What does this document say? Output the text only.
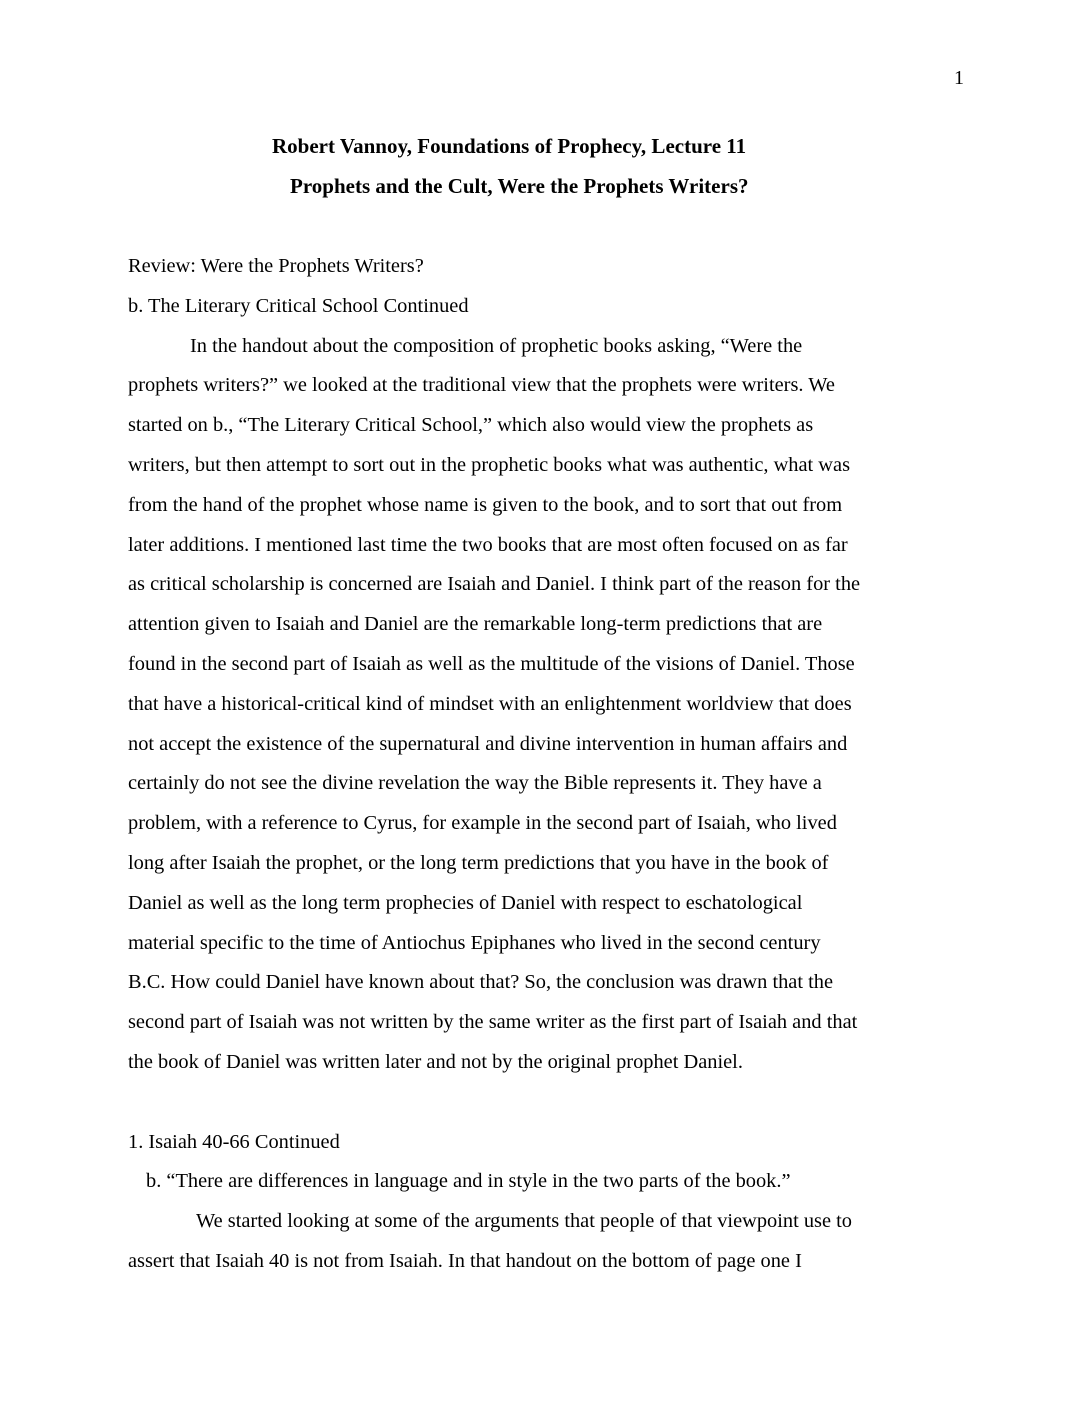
1
Robert Vannoy, Foundations of Prophecy, Lecture 11
Prophets and the Cult, Were the Prophets Writers?
Review: Were the Prophets Writers?
b. The Literary Critical School Continued
In the handout about the composition of prophetic books asking, “Were the
prophets writers?” we looked at the traditional view that the prophets were writers. We
started on b., “The Literary Critical School,” which also would view the prophets as
writers, but then attempt to sort out in the prophetic books what was authentic, what was
from the hand of the prophet whose name is given to the book, and to sort that out from
later additions. I mentioned last time the two books that are most often focused on as far
as critical scholarship is concerned are Isaiah and Daniel. I think part of the reason for the
attention given to Isaiah and Daniel are the remarkable long-term predictions that are
found in the second part of Isaiah as well as the multitude of the visions of Daniel. Those
that have a historical-critical kind of mindset with an enlightenment worldview that does
not accept the existence of the supernatural and divine intervention in human affairs and
certainly do not see the divine revelation the way the Bible represents it. They have a
problem, with a reference to Cyrus, for example in the second part of Isaiah, who lived
long after Isaiah the prophet, or the long term predictions that you have in the book of
Daniel as well as the long term prophecies of Daniel with respect to eschatological
material specific to the time of Antiochus Epiphanes who lived in the second century
B.C. How could Daniel have known about that? So, the conclusion was drawn that the
second part of Isaiah was not written by the same writer as the first part of Isaiah and that
the book of Daniel was written later and not by the original prophet Daniel.
1. Isaiah 40-66 Continued
b. “There are differences in language and in style in the two parts of the book.”
We started looking at some of the arguments that people of that viewpoint use to
assert that Isaiah 40 is not from Isaiah. In that handout on the bottom of page one I
